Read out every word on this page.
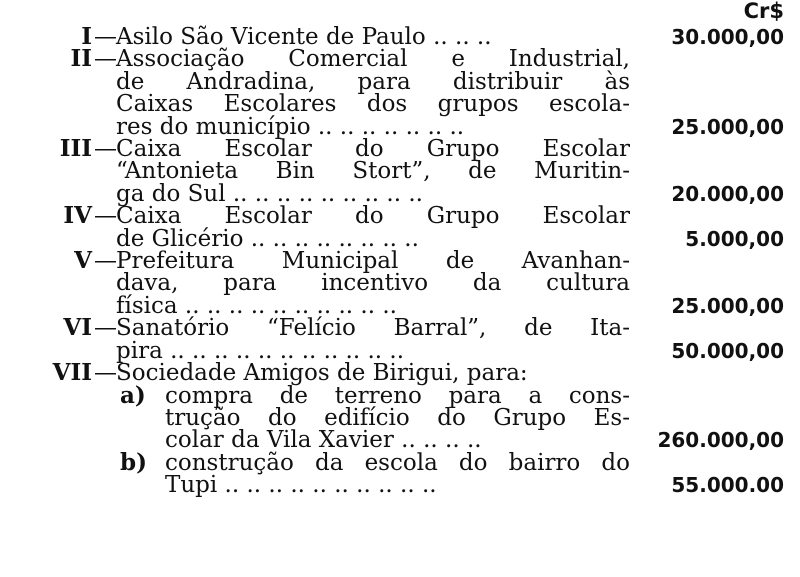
Cr$
I — Asilo São Vicente de Paulo .. .. ..	30.000,00
II — Associação Comercial e Industrial,
de Andradina, para distribuir às
Caixas Escolares dos grupos escola-
res do município .. .. .. .. .. .. ..	25.000,00
III — Caixa Escolar do Grupo Escolar
“Antonieta Bin Stort”, de Muritin-
ga do Sul .. .. .. .. .. .. .. .. ..	20.000,00
IV — Caixa Escolar do Grupo Escolar
de Glicério .. .. .. .. .. .. .. ..	5.000,00
V — Prefeitura Municipal de Avanhan-
dava, para incentivo da cultura
física .. .. .. .. .. .. .. .. .. ..	25.000,00
VI — Sanatório “Felício Barral”, de Ita-
pira .. .. .. .. .. .. .. .. .. .. ..	50.000,00
VII — Sociedade Amigos de Birigui, para:
a) compra de terreno para a cons-
trução do edifício do Grupo Es-
colar da Vila Xavier .. .. .. ..	260.000,00
b) construção da escola do bairro do
Tupi .. .. .. .. .. .. .. .. .. ..	55.000.00
